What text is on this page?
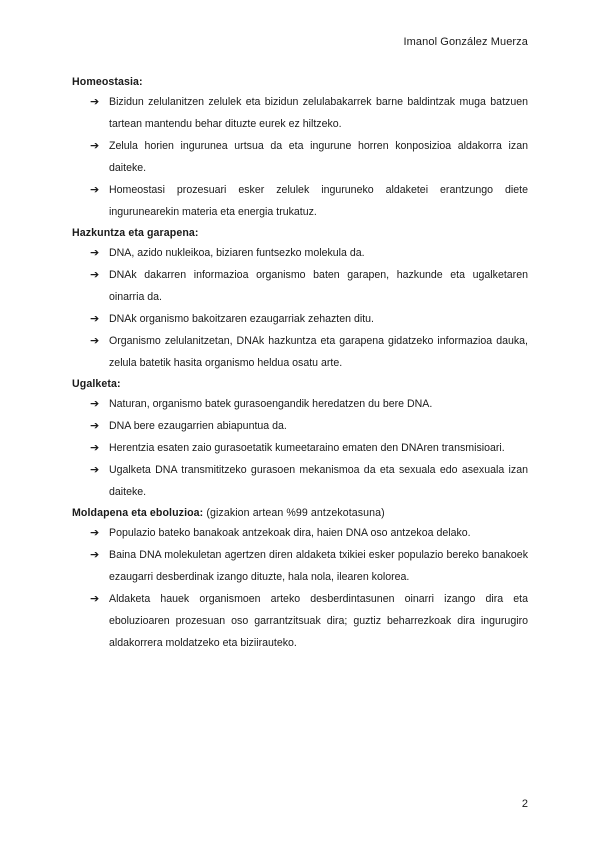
Imanol González Muerza
Homeostasia:
➔ Bizidun zelulanitzen zelulek eta bizidun zelulabakarrek barne baldintzak muga batzuen tartean mantendu behar dituzte eurek ez hiltzeko.
➔ Zelula horien ingurunea urtsua da eta ingurune horren konposizioa aldakorra izan daiteke.
➔ Homeostasi prozesuari esker zelulek inguruneko aldaketei erantzungo diete ingurunearekin materia eta energia trukatuz.
Hazkuntza eta garapena:
➔ DNA, azido nukleikoa, biziaren funtsezko molekula da.
➔ DNAk dakarren informazioa organismo baten garapen, hazkunde eta ugalketaren oinarria da.
➔ DNAk organismo bakoitzaren ezaugarriak zehazten ditu.
➔ Organismo zelulanitzetan, DNAk hazkuntza eta garapena gidatzeko informazioa dauka, zelula batetik hasita organismo heldua osatu arte.
Ugalketa:
➔ Naturan, organismo batek gurasoengandik heredatzen du bere DNA.
➔ DNA bere ezaugarrien abiapuntua da.
➔ Herentzia esaten zaio gurasoetatik kumeetaraino ematen den DNAren transmisioari.
➔ Ugalketa DNA transmititzeko gurasoen mekanismoa da eta sexuala edo asexuala izan daiteke.
Moldapena eta eboluzioa: (gizakion artean %99 antzekotasuna)
➔ Populazio bateko banakoak antzekoak dira, haien DNA oso antzekoa delako.
➔ Baina DNA molekuletan agertzen diren aldaketa txikiei esker populazio bereko banakoek ezaugarri desberdinak izango dituzte, hala nola, ilearen kolorea.
➔ Aldaketa hauek organismoen arteko desberdintasunen oinarri izango dira eta eboluzioaren prozesuan oso garrantzitsuak dira; guztiz beharrezkoak dira ingurugiro aldakorrera moldatzeko eta biziirauteko.
2
